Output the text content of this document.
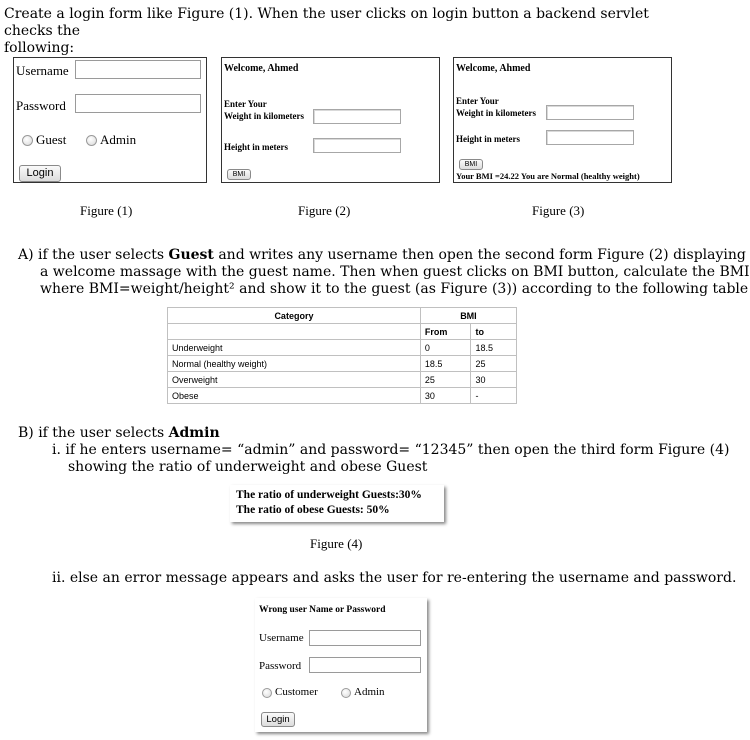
Create a login form like Figure (1). When the user clicks on login button a backend servlet checks the
following:
Username
Password
Guest	Admin
Login
Figure (1)
Welcome, Ahmed
Enter Your
Weight in kilometers
Height in meters
BMI
Figure (2)
Welcome, Ahmed
Enter Your
Weight in kilometers
Height in meters
BMI
Your BMI =24.22 You are Normal (healthy weight)
Figure (3)
A) if the user selects Guest and writes any username then open the second form Figure (2) displaying
a welcome massage with the guest name. Then when guest clicks on BMI button, calculate the BMI
where BMI=weight/height² and show it to the guest (as Figure (3)) according to the following table
Category	BMI	
	From	to
Underweight	0	18.5
Normal (healthy weight)	18.5	25
Overweight	25	30
Obese	30	-
B) if the user selects Admin
i. if he enters username= “admin” and password= “12345” then open the third form Figure (4)
showing the ratio of underweight and obese Guest
The ratio of underweight Guests:30%
The ratio of obese Guests: 50%
Figure (4)
ii. else an error message appears and asks the user for re-entering the username and password.
Wrong user Name or Password
Username
Password
Customer	Admin
Login
